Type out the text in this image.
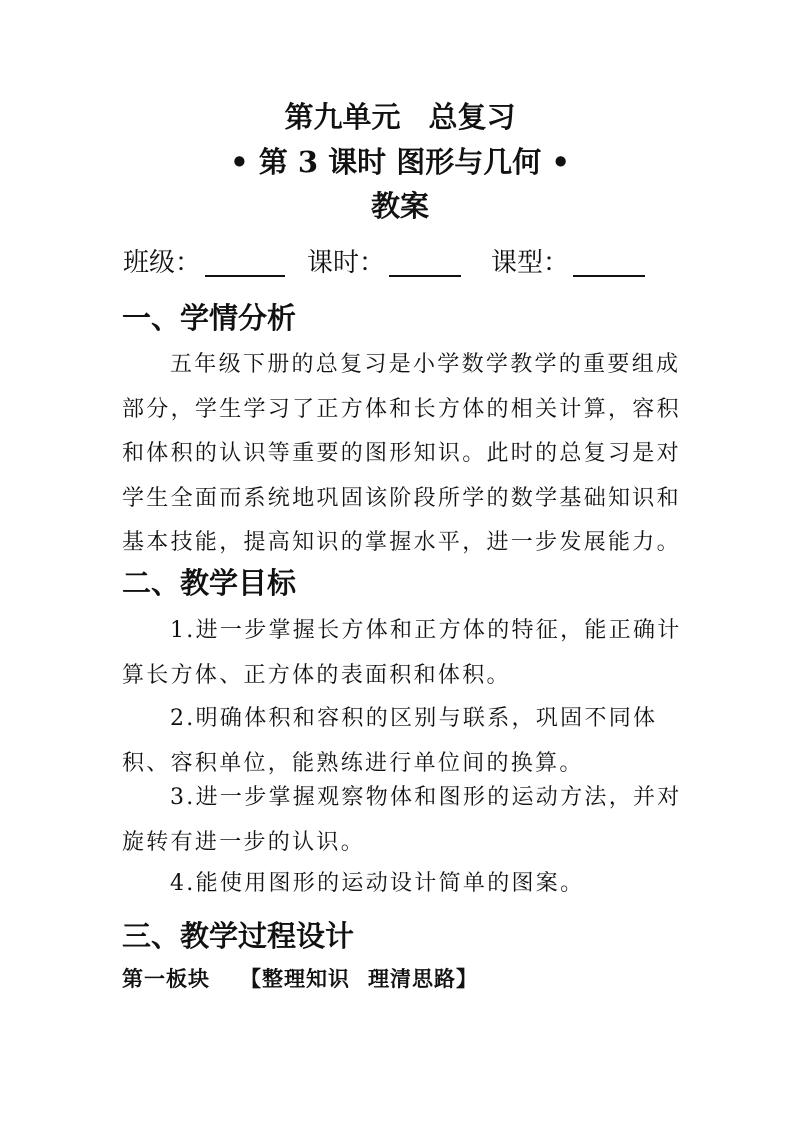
第九单元 总复习
• 第 3 课时 图形与几何 •
教案
班级：	课时：	课型：
一、学情分析

五年级下册的总复习是小学数学教学的重要组成部分，学生学习了正方体和长方体的相关计算，容积和体积的认识等重要的图形知识。此时的总复习是对学生全面而系统地巩固该阶段所学的数学基础知识和基本技能，提高知识的掌握水平，进一步发展能力。

二、教学目标

1.进一步掌握长方体和正方体的特征，能正确计算长方体、正方体的表面积和体积。

2.明确体积和容积的区别与联系，巩固不同体积、容积单位，能熟练进行单位间的换算。

3.进一步掌握观察物体和图形的运动方法，并对旋转有进一步的认识。

4.能使用图形的运动设计简单的图案。

三、教学过程设计
第一板块 【整理知识 理清思路】
